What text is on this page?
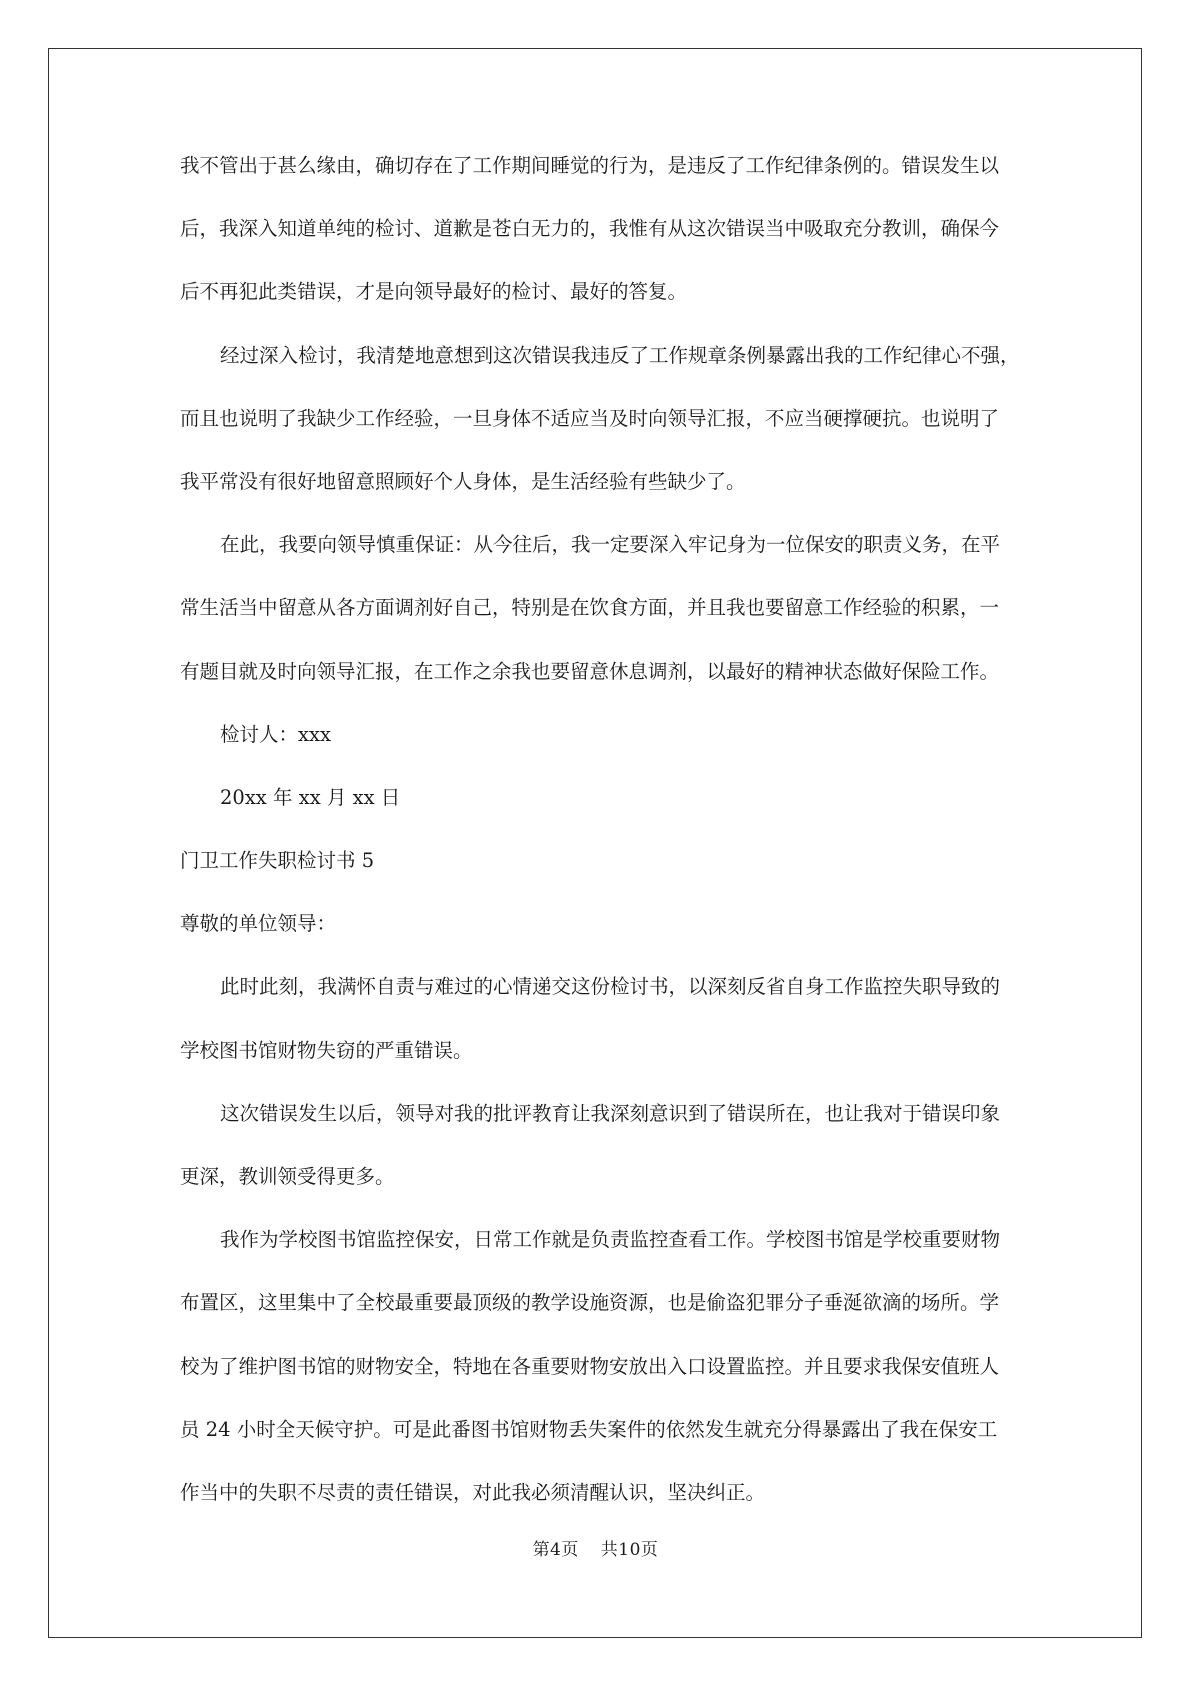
我不管出于甚么缘由，确切存在了工作期间睡觉的行为，是违反了工作纪律条例的。错误发生以
后，我深入知道单纯的检讨、道歉是苍白无力的，我惟有从这次错误当中吸取充分教训，确保今
后不再犯此类错误，才是向领导最好的检讨、最好的答复。
经过深入检讨，我清楚地意想到这次错误我违反了工作规章条例暴露出我的工作纪律心不强，
而且也说明了我缺少工作经验，一旦身体不适应当及时向领导汇报，不应当硬撑硬抗。也说明了
我平常没有很好地留意照顾好个人身体，是生活经验有些缺少了。
在此，我要向领导慎重保证：从今往后，我一定要深入牢记身为一位保安的职责义务，在平
常生活当中留意从各方面调剂好自己，特别是在饮食方面，并且我也要留意工作经验的积累，一
有题目就及时向领导汇报，在工作之余我也要留意休息调剂，以最好的精神状态做好保险工作。
检讨人：xxx
20xx 年 xx 月 xx 日
门卫工作失职检讨书 5
尊敬的单位领导：
此时此刻，我满怀自责与难过的心情递交这份检讨书，以深刻反省自身工作监控失职导致的
学校图书馆财物失窃的严重错误。
这次错误发生以后，领导对我的批评教育让我深刻意识到了错误所在，也让我对于错误印象
更深，教训领受得更多。
我作为学校图书馆监控保安，日常工作就是负责监控查看工作。学校图书馆是学校重要财物
布置区，这里集中了全校最重要最顶级的教学设施资源，也是偷盗犯罪分子垂涎欲滴的场所。学
校为了维护图书馆的财物安全，特地在各重要财物安放出入口设置监控。并且要求我保安值班人
员 24 小时全天候守护。可是此番图书馆财物丢失案件的依然发生就充分得暴露出了我在保安工
作当中的失职不尽责的责任错误，对此我必须清醒认识，坚决纠正。
第4页 共10页
